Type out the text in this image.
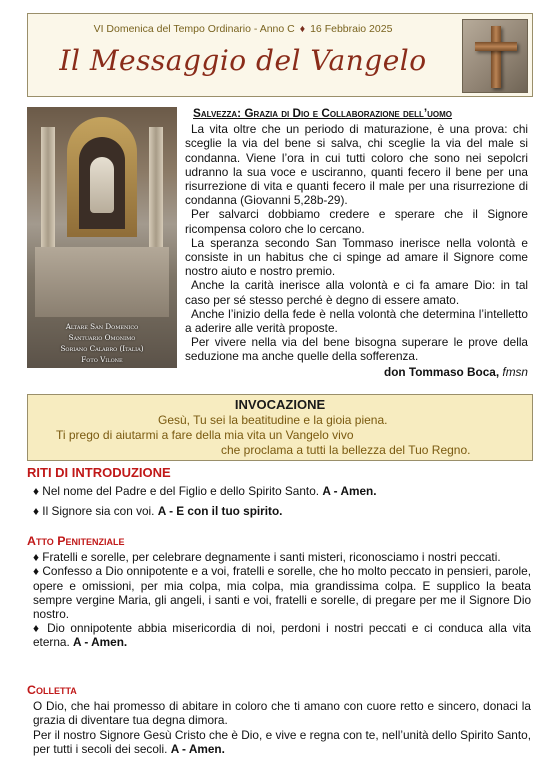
VI Domenica del Tempo Ordinario - Anno C ♦ 16 Febbraio 2025
Il Messaggio del Vangelo
Altare San Domenico
Santuario Omonimo
Soriano Calabro (Italia)
Foto Vilone
Salvezza: Grazia di Dio e Collaborazione dell’uomo

La vita oltre che un periodo di maturazione, è una prova: chi sceglie la via del bene si salva, chi sceglie la via del male si condanna. Viene l’ora in cui tutti coloro che sono nei sepolcri udranno la sua voce e usciranno, quanti fecero il bene per una risurrezione di vita e quanti fecero il male per una risurrezione di condanna (Giovanni 5,28b-29).

Per salvarci dobbiamo credere e sperare che il Signore ricompensa coloro che lo cercano.

La speranza secondo San Tommaso inerisce nella volontà e consiste in un habitus che ci spinge ad amare il Signore come nostro aiuto e nostro premio.

Anche la carità inerisce alla volontà e ci fa amare Dio: in tal caso per sé stesso perché è degno di essere amato.

Anche l’inizio della fede è nella volontà che determina l’intelletto a aderire alle verità proposte.

Per vivere nella via del bene bisogna superare le prove della seduzione ma anche quelle della sofferenza.

don Tommaso Boca, fmsn
INVOCAZIONE
Gesù, Tu sei la beatitudine e la gioia piena.
Ti prego di aiutarmi a fare della mia vita un Vangelo vivo
che proclama a tutti la bellezza del Tuo Regno.
RITI DI INTRODUZIONE

♦ Nel nome del Padre e del Figlio e dello Spirito Santo. A - Amen.

♦ Il Signore sia con voi. A - E con il tuo spirito.

Atto Penitenziale

♦ Fratelli e sorelle, per celebrare degnamente i santi misteri, riconosciamo i nostri peccati.

♦ Confesso a Dio onnipotente e a voi, fratelli e sorelle, che ho molto peccato in pensieri, parole, opere e omissioni, per mia colpa, mia colpa, mia grandissima colpa. E supplico la beata sempre vergine Maria, gli angeli, i santi e voi, fratelli e sorelle, di pregare per me il Signore Dio nostro.

♦ Dio onnipotente abbia misericordia di noi, perdoni i nostri peccati e ci conduca alla vita eterna. A - Amen.

Colletta

O Dio, che hai promesso di abitare in coloro che ti amano con cuore retto e sincero, donaci la grazia di diventare tua degna dimora.

Per il nostro Signore Gesù Cristo che è Dio, e vive e regna con te, nell’unità dello Spirito Santo, per tutti i secoli dei secoli. A - Amen.
